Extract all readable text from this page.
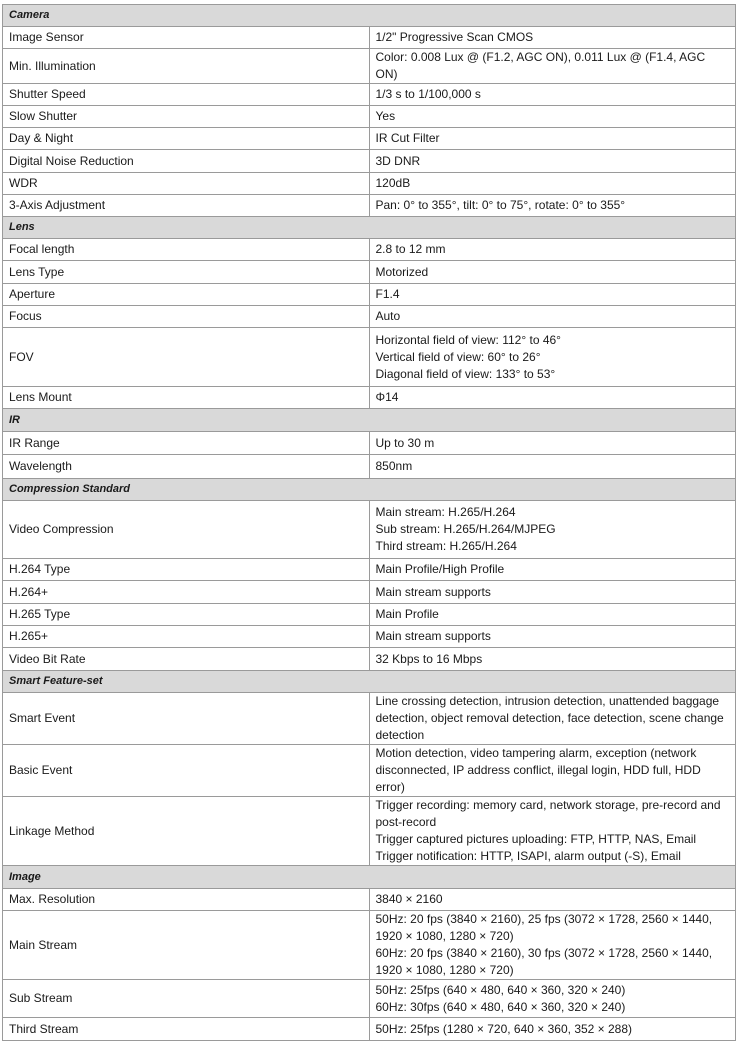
Camera	
Image Sensor	1/2" Progressive Scan CMOS

Min. Illumination	Color: 0.008 Lux @ (F1.2, AGC ON), 0.011 Lux @ (F1.4, AGC ON)

Shutter Speed	1/3 s to 1/100,000 s

Slow Shutter	Yes

Day & Night	IR Cut Filter

Digital Noise Reduction	3D DNR

WDR	120dB

3-Axis Adjustment	Pan: 0° to 355°, tilt: 0° to 75°, rotate: 0° to 355°

Lens	
Focal length	2.8 to 12 mm

Lens Type	Motorized

Aperture	F1.4

Focus	Auto

FOV	Horizontal field of view: 112° to 46°
Vertical field of view: 60° to 26°
Diagonal field of view: 133° to 53°

Lens Mount	Φ14

IR	
IR Range	Up to 30 m

Wavelength	850nm

Compression Standard	
Video Compression	Main stream: H.265/H.264
Sub stream: H.265/H.264/MJPEG
Third stream: H.265/H.264

H.264 Type	Main Profile/High Profile

H.264+	Main stream supports

H.265 Type	Main Profile

H.265+	Main stream supports

Video Bit Rate	32 Kbps to 16 Mbps

Smart Feature-set	
Smart Event	Line crossing detection, intrusion detection, unattended baggage detection, object removal detection, face detection, scene change detection

Basic Event	Motion detection, video tampering alarm, exception (network disconnected, IP address conflict, illegal login, HDD full, HDD error)

Linkage Method	Trigger recording: memory card, network storage, pre-record and post-record
Trigger captured pictures uploading: FTP, HTTP, NAS, Email
Trigger notification: HTTP, ISAPI, alarm output (-S), Email

Image	
Max. Resolution	3840 × 2160

Main Stream	50Hz: 20 fps (3840 × 2160), 25 fps (3072 × 1728, 2560 × 1440, 1920 × 1080, 1280 × 720)
60Hz: 20 fps (3840 × 2160), 30 fps (3072 × 1728, 2560 × 1440, 1920 × 1080, 1280 × 720)

Sub Stream	50Hz: 25fps (640 × 480, 640 × 360, 320 × 240)
60Hz: 30fps (640 × 480, 640 × 360, 320 × 240)

Third Stream	50Hz: 25fps (1280 × 720, 640 × 360, 352 × 288)
